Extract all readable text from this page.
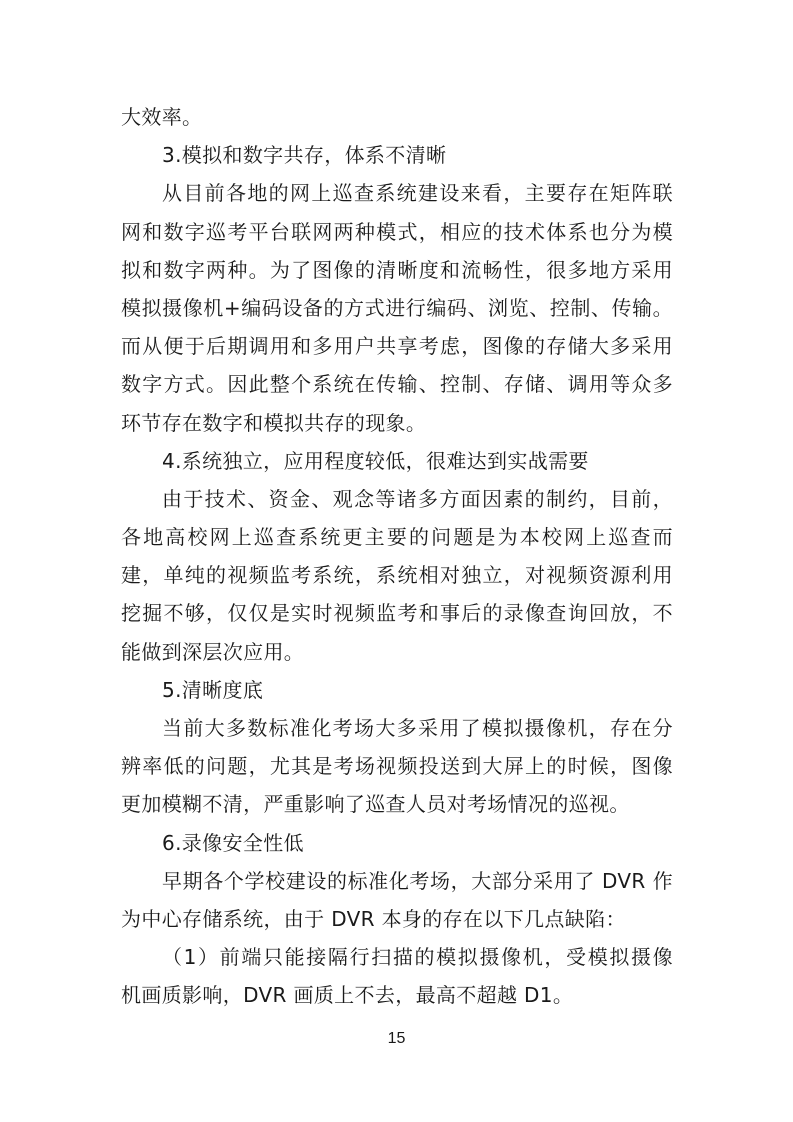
大效率。
3.模拟和数字共存，体系不清晰
从目前各地的网上巡查系统建设来看，主要存在矩阵联
网和数字巡考平台联网两种模式，相应的技术体系也分为模
拟和数字两种。为了图像的清晰度和流畅性，很多地方采用
模拟摄像机+编码设备的方式进行编码、浏览、控制、传输。
而从便于后期调用和多用户共享考虑，图像的存储大多采用
数字方式。因此整个系统在传输、控制、存储、调用等众多
环节存在数字和模拟共存的现象。
4.系统独立，应用程度较低，很难达到实战需要
由于技术、资金、观念等诸多方面因素的制约，目前，
各地高校网上巡查系统更主要的问题是为本校网上巡查而
建，单纯的视频监考系统，系统相对独立，对视频资源利用
挖掘不够，仅仅是实时视频监考和事后的录像查询回放，不
能做到深层次应用。
5.清晰度底
当前大多数标准化考场大多采用了模拟摄像机，存在分
辨率低的问题，尤其是考场视频投送到大屏上的时候，图像
更加模糊不清，严重影响了巡查人员对考场情况的巡视。
6.录像安全性低
早期各个学校建设的标准化考场，大部分采用了 DVR 作
为中心存储系统，由于 DVR 本身的存在以下几点缺陷：
（1）前端只能接隔行扫描的模拟摄像机，受模拟摄像
机画质影响，DVR 画质上不去，最高不超越 D1。
15
